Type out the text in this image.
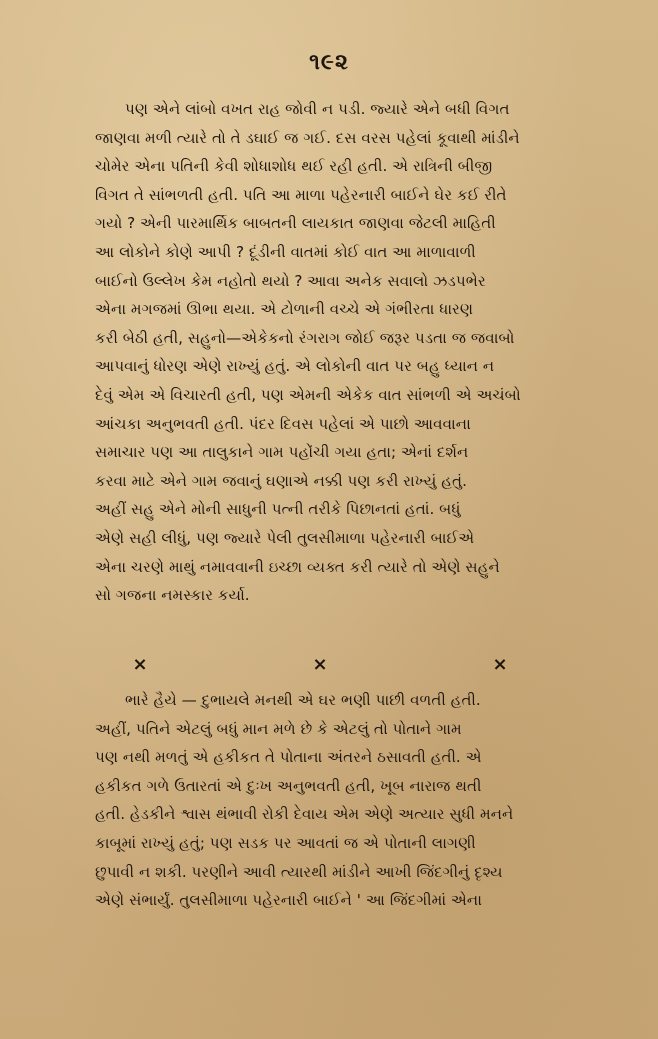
૧૯૨
પણ એને લાંબો વખત રાહ જોવી ન પડી. જ્યારે એને બધી વિગત
જાણવા મળી ત્યારે તો તે ડઘાઈ જ ગઈ. દસ વરસ પહેલાં કૂવાથી માંડીને
ચોમેર એના પતિની કેવી શોધાશોધ થઈ રહી હતી. એ રાત્રિની બીજી
વિગત તે સાંભળતી હતી. પતિ આ માળા પહેરનારી બાઈને ઘેર કઈ રીતે
ગયો ? એની પારમાર્થિક બાબતની લાયકાત જાણવા જેટલી માહિતી
આ લોકોને કોણે આપી ? દૂંડીની વાતમાં કોઈ વાત આ માળાવાળી
બાઈનો ઉલ્લેખ કેમ નહોતો થયો ? આવા અનેક સવાલો ઝડપભેર
એના મગજમાં ઊભા થયા. એ ટોળાની વચ્ચે એ ગંભીરતા ધારણ
કરી બેઠી હતી, સહુનો—એકેકનો રંગરાગ જોઈ જરૂર પડતા જ જવાબો
આપવાનું ધોરણ એણે રાખ્યું હતું. એ લોકોની વાત પર બહુ ધ્યાન ન
દેવું એમ એ વિચારતી હતી, પણ એમની એકેક વાત સાંભળી એ અચંબો
આંચકા અનુભવતી હતી. પંદર દિવસ પહેલાં એ પાછો આવવાના
સમાચાર પણ આ તાલુકાને ગામ પહોંચી ગયા હતા; એનાં દર્શન
કરવા માટે એને ગામ જવાનું ઘણાએ નક્કી પણ કરી રાખ્યું હતું.
અહીં સહુ એને મોની સાધુની પત્ની તરીકે પિછાનતાં હતાં. બધું
એણે સહી લીધું, પણ જ્યારે પેલી તુલસીમાળા પહેરનારી બાઈએ
એના ચરણે માથું નમાવવાની ઇચ્છા વ્યક્ત કરી ત્યારે તો એણે સહુને
સો ગજના નમસ્કાર કર્યા.
×	×	×
ભારે હૈયે — દુભાયલે મનથી એ ઘર ભણી પાછી વળતી હતી.
અહીં, પતિને એટલું બધું માન મળે છે કે એટલું તો પોતાને ગામ
પણ નથી મળતું એ હકીકત તે પોતાના અંતરને ઠસાવતી હતી. એ
હકીકત ગળે ઉતારતાં એ દુઃખ અનુભવતી હતી, ખૂબ નારાજ થતી
હતી. હેડકીને શ્વાસ થંભાવી રોકી દેવાય એમ એણે અત્યાર સુધી મનને
કાબૂમાં રાખ્યું હતું; પણ સડક પર આવતાં જ એ પોતાની લાગણી
છુપાવી ન શકી. પરણીને આવી ત્યારથી માંડીને આખી જિંદગીનું દૃશ્ય
એણે સંભાર્યું. તુલસીમાળા પહેરનારી બાઈને ' આ જિંદગીમાં એના
